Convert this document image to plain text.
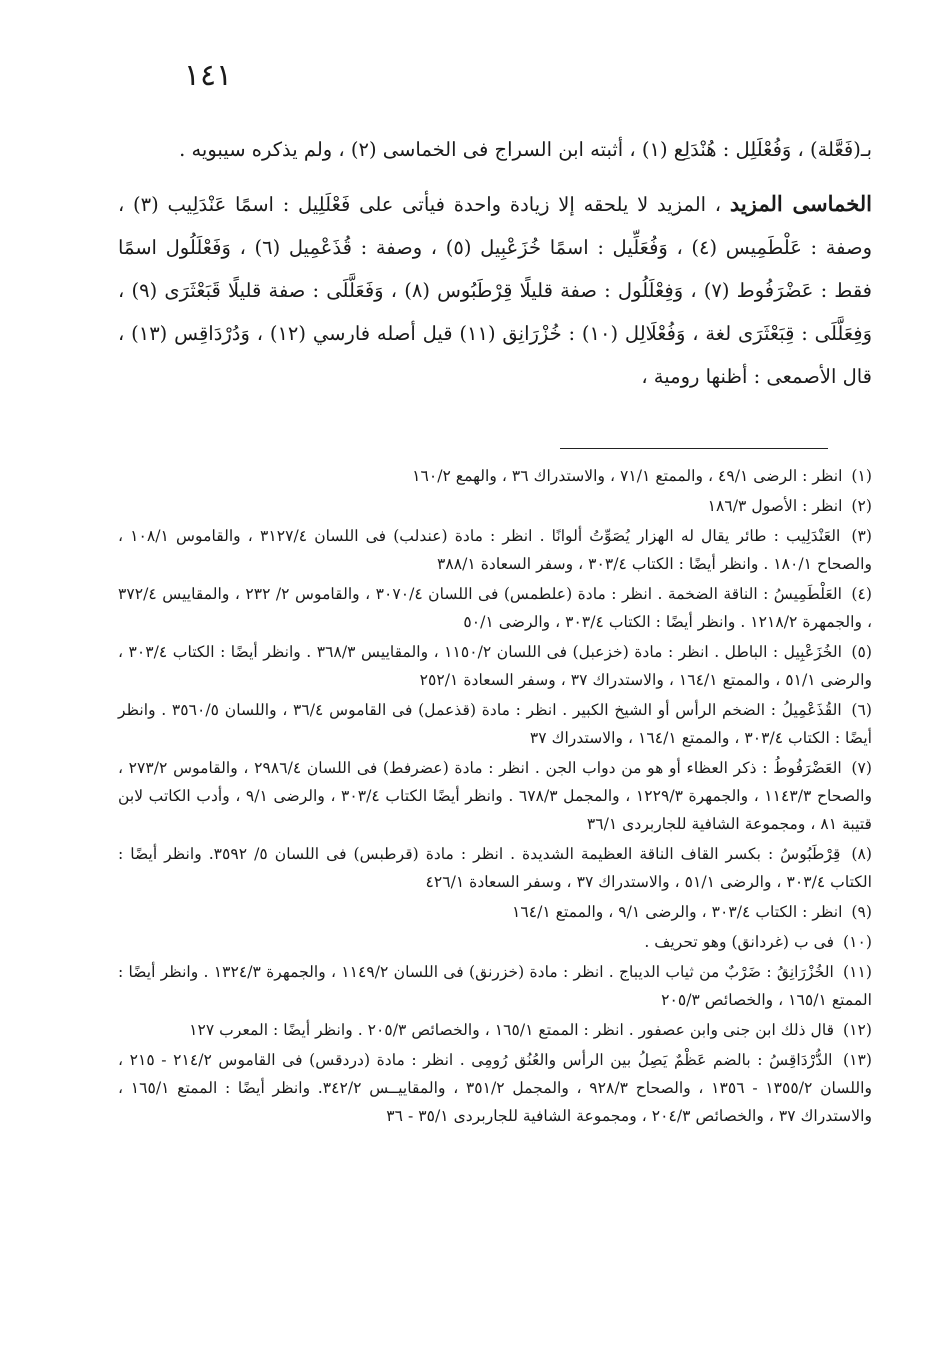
١٤١

بـ(فَعَّلة) ، وَفُعْلَلِل : هُنْدَلِع (١) ، أثبته ابن السراج فى الخماسى (٢) ، ولم يذكره سيبويه .

الخماسى المزيد ، المزيد لا يلحقه إلا زيادة واحدة فيأتى على فَعْلَلِيل : اسمًا عَنْدَلِيب (٣) ، وصفة : عَلْطَمِيس (٤) ، وَفُعَلِّيل : اسمًا خُزَعْبِيل (٥) ، وصفة : قُذَعْمِيل (٦) ، وَفَعْلَلُول اسمًا فقط : عَضْرَفُوط (٧) ، وَفِعْلَلُول : صفة قليلًا قِرْطَبُوس (٨) ، وَفَعَلَّلَى : صفة قليلًا قَبَعْثَرَى (٩) ، وَفِعَلَّلَى : قِبَعْثَرَى لغة ، وَفُعْلَالِل (١٠) : خُزْرَانِق (١١) قيل أصله فارسي (١٢) ، وَدُرْدَاقِس (١٣) ، قال الأصمعى : أظنها رومية ،

(١) انظر : الرضى ٤٩/١ ، والممتع ٧١/١ ، والاستدراك ٣٦ ، والهمع ١٦٠/٢

(٢) انظر : الأصول ١٨٦/٣

(٣) العَنْدَلِيب : طائر يقال له الهزار يُصَوِّتُ ألوانًا . انظر : مادة (عندلب) فى اللسان ٣١٢٧/٤ ، والقاموس ١٠٨/١ ، والصحاح ١٨٠/١ . وانظر أيضًا : الكتاب ٣٠٣/٤ ، وسفر السعادة ٣٨٨/١

(٤) العَلْطَمِيسُ : الناقة الضخمة . انظر : مادة (علطمس) فى اللسان ٣٠٧٠/٤ ، والقاموس ٢/ ٢٣٢ ، والمقاييس ٣٧٢/٤ ، والجمهرة ١٢١٨/٢ . وانظر أيضًا : الكتاب ٣٠٣/٤ ، والرضى ٥٠/١

(٥) الخُزَعْبِيل : الباطل . انظر : مادة (خزعبل) فى اللسان ١١٥٠/٢ ، والمقاييس ٣٦٨/٣ . وانظر أيضًا : الكتاب ٣٠٣/٤ ، والرضى ٥١/١ ، والممتع ١٦٤/١ ، والاستدراك ٣٧ ، وسفر السعادة ٢٥٢/١

(٦) القُذَعْمِيلُ : الضخم الرأس أو الشيخ الكبير . انظر : مادة (قذعمل) فى القاموس ٣٦/٤ ، واللسان ٣٥٦٠/٥ . وانظر أيضًا : الكتاب ٣٠٣/٤ ، والممتع ١٦٤/١ ، والاستدراك ٣٧

(٧) العَضْرَفُوطُ : ذكر العظاء أو هو من دواب الجن . انظر : مادة (عضرفط) فى اللسان ٢٩٨٦/٤ ، والقاموس ٢٧٣/٢ ، والصحاح ١١٤٣/٣ ، والجمهرة ١٢٢٩/٣ ، والمجمل ٦٧٨/٣ . وانظر أيضًا الكتاب ٣٠٣/٤ ، والرضى ٩/١ ، وأدب الكاتب لابن قتيبة ٨١ ، ومجموعة الشافية للجاربردى ٣٦/١

(٨) قِرْطَبُوسُ : بكسر القاف الناقة العظيمة الشديدة . انظر : مادة (قرطبس) فى اللسان ٥/ ٣٥٩٢. وانظر أيضًا : الكتاب ٣٠٣/٤ ، والرضى ٥١/١ ، والاستدراك ٣٧ ، وسفر السعادة ٤٢٦/١

(٩) انظر : الكتاب ٣٠٣/٤ ، والرضى ٩/١ ، والممتع ١٦٤/١

(١٠) فى ب (غردانق) وهو تحريف .

(١١) الخُزْرَانِقُ : ضَرْبٌ من ثياب الديباج . انظر : مادة (خزرنق) فى اللسان ١١٤٩/٢ ، والجمهرة ١٣٢٤/٣ . وانظر أيضًا : الممتع ١٦٥/١ ، والخصائص ٢٠٥/٣

(١٢) قال ذلك ابن جنى وابن عصفور . انظر : الممتع ١٦٥/١ ، والخصائص ٢٠٥/٣ . وانظر أيضًا : المعرب ١٢٧

(١٣) الدُّرْدَاقِسُ : بالضم عَظْمٌ يَصِلُ بين الرأس والعُنُق رُومِى . انظر : مادة (دردقس) فى القاموس ٢١٤/٢ - ٢١٥ ، واللسان ١٣٥٥/٢ - ١٣٥٦ ، والصحاح ٩٢٨/٣ ، والمجمل ٣٥١/٢ ، والمقاييــس ٣٤٢/٢. وانظر أيضًا : الممتع ١٦٥/١ ، والاستدراك ٣٧ ، والخصائص ٢٠٤/٣ ، ومجموعة الشافية للجاربردى ٣٥/١ - ٣٦
